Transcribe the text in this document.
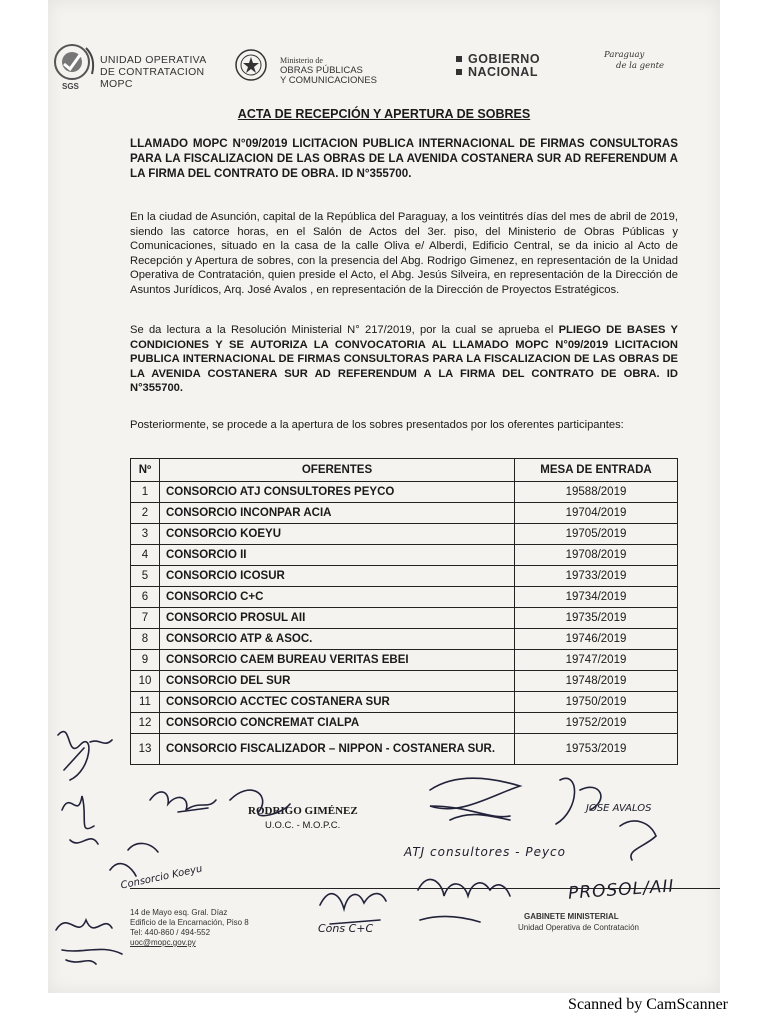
SGS
UNIDAD OPERATIVA
DE CONTRATACION
MOPC
Ministerio de
OBRAS PÚBLICAS
Y COMUNICACIONES
GOBIERNO
NACIONAL
Paraguay
de la gente
ACTA DE RECEPCIÓN Y APERTURA DE SOBRES
LLAMADO MOPC N°09/2019 LICITACION PUBLICA INTERNACIONAL DE FIRMAS CONSULTORAS PARA LA FISCALIZACION DE LAS OBRAS DE LA AVENIDA COSTANERA SUR AD REFERENDUM A LA FIRMA DEL CONTRATO DE OBRA. ID N°355700.
En la ciudad de Asunción, capital de la República del Paraguay, a los veintitrés días del mes de abril de 2019, siendo las catorce horas, en el Salón de Actos del 3er. piso, del Ministerio de Obras Públicas y Comunicaciones, situado en la casa de la calle Oliva e/ Alberdi, Edificio Central, se da inicio al Acto de Recepción y Apertura de sobres, con la presencia del Abg. Rodrigo Gimenez, en representación de la Unidad Operativa de Contratación, quien preside el Acto, el Abg. Jesús Silveira, en representación de la Dirección de Asuntos Jurídicos, Arq. José Avalos , en representación de la Dirección de Proyectos Estratégicos.
Se da lectura a la Resolución Ministerial N° 217/2019, por la cual se aprueba el PLIEGO DE BASES Y CONDICIONES Y SE AUTORIZA LA CONVOCATORIA AL LLAMADO MOPC N°09/2019 LICITACION PUBLICA INTERNACIONAL DE FIRMAS CONSULTORAS PARA LA FISCALIZACION DE LAS OBRAS DE LA AVENIDA COSTANERA SUR AD REFERENDUM A LA FIRMA DEL CONTRATO DE OBRA. ID N°355700.
Posteriormente, se procede a la apertura de los sobres presentados por los oferentes participantes:
Nº	OFERENTES	MESA DE ENTRADA
1	CONSORCIO ATJ CONSULTORES PEYCO	19588/2019
2	CONSORCIO INCONPAR ACIA	19704/2019
3	CONSORCIO KOEYU	19705/2019
4	CONSORCIO II	19708/2019
5	CONSORCIO ICOSUR	19733/2019
6	CONSORCIO C+C	19734/2019
7	CONSORCIO PROSUL AII	19735/2019
8	CONSORCIO ATP & ASOC.	19746/2019
9	CONSORCIO CAEM BUREAU VERITAS EBEI	19747/2019
10	CONSORCIO DEL SUR	19748/2019
11	CONSORCIO ACCTEC COSTANERA SUR	19750/2019
12	CONSORCIO CONCREMAT CIALPA	19752/2019
13	CONSORCIO FISCALIZADOR – NIPPON - COSTANERA SUR.	19753/2019
RODRIGO GIMÉNEZ
U.O.C. - M.O.P.C.
JOSE AVALOS
ATJ consultores - Peyco
Consorcio Koeyu
Cons C+C
PROSOL/AII
14 de Mayo esq. Gral. Díaz
Edificio de la Encarnación, Piso 8
Tel: 440-860 / 494-552
uoc@mopc.gov.py
GABINETE MINISTERIAL
Unidad Operativa de Contratación
Scanned by CamScanner
